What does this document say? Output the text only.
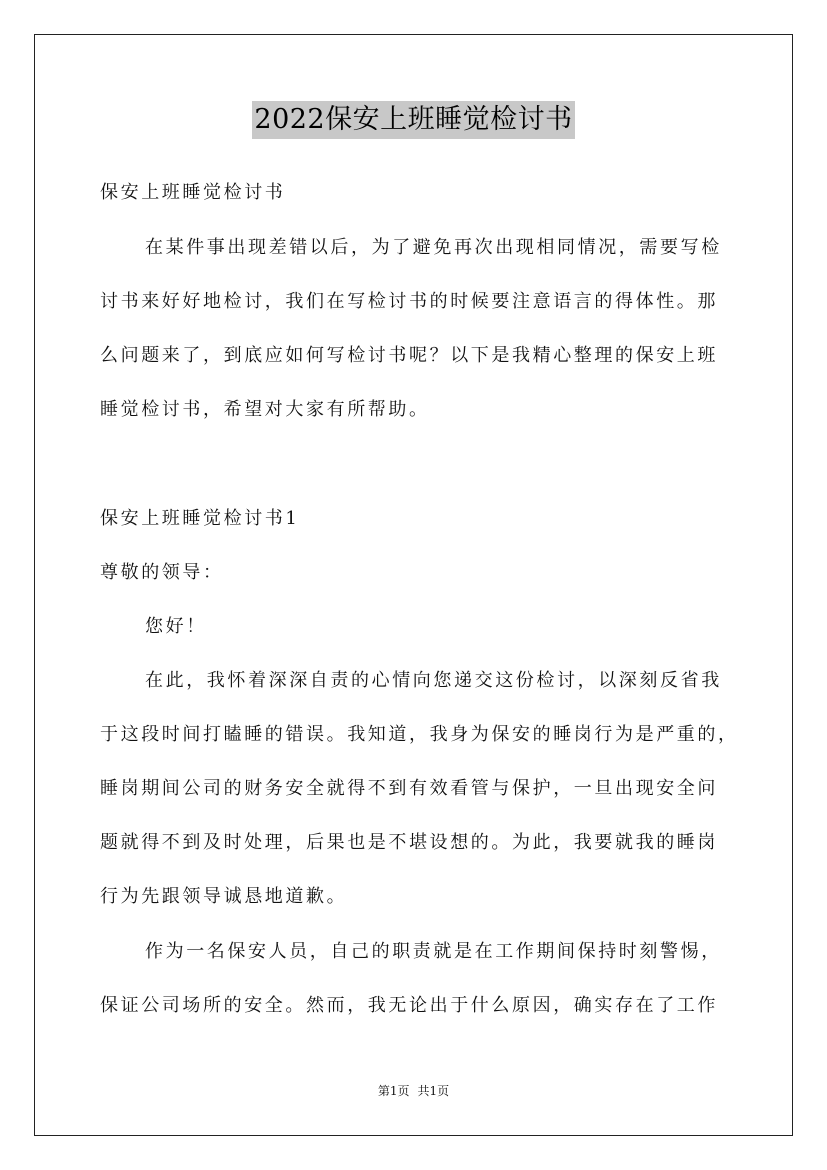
2022保安上班睡觉检讨书
保安上班睡觉检讨书
在某件事出现差错以后，为了避免再次出现相同情况，需要写检
讨书来好好地检讨，我们在写检讨书的时候要注意语言的得体性。那
么问题来了，到底应如何写检讨书呢？以下是我精心整理的保安上班
睡觉检讨书，希望对大家有所帮助。
保安上班睡觉检讨书1
尊敬的领导：
您好！
在此，我怀着深深自责的心情向您递交这份检讨，以深刻反省我
于这段时间打瞌睡的错误。我知道，我身为保安的睡岗行为是严重的，
睡岗期间公司的财务安全就得不到有效看管与保护，一旦出现安全问
题就得不到及时处理，后果也是不堪设想的。为此，我要就我的睡岗
行为先跟领导诚恳地道歉。
作为一名保安人员，自己的职责就是在工作期间保持时刻警惕，
保证公司场所的安全。然而，我无论出于什么原因，确实存在了工作
第1页 共1页
